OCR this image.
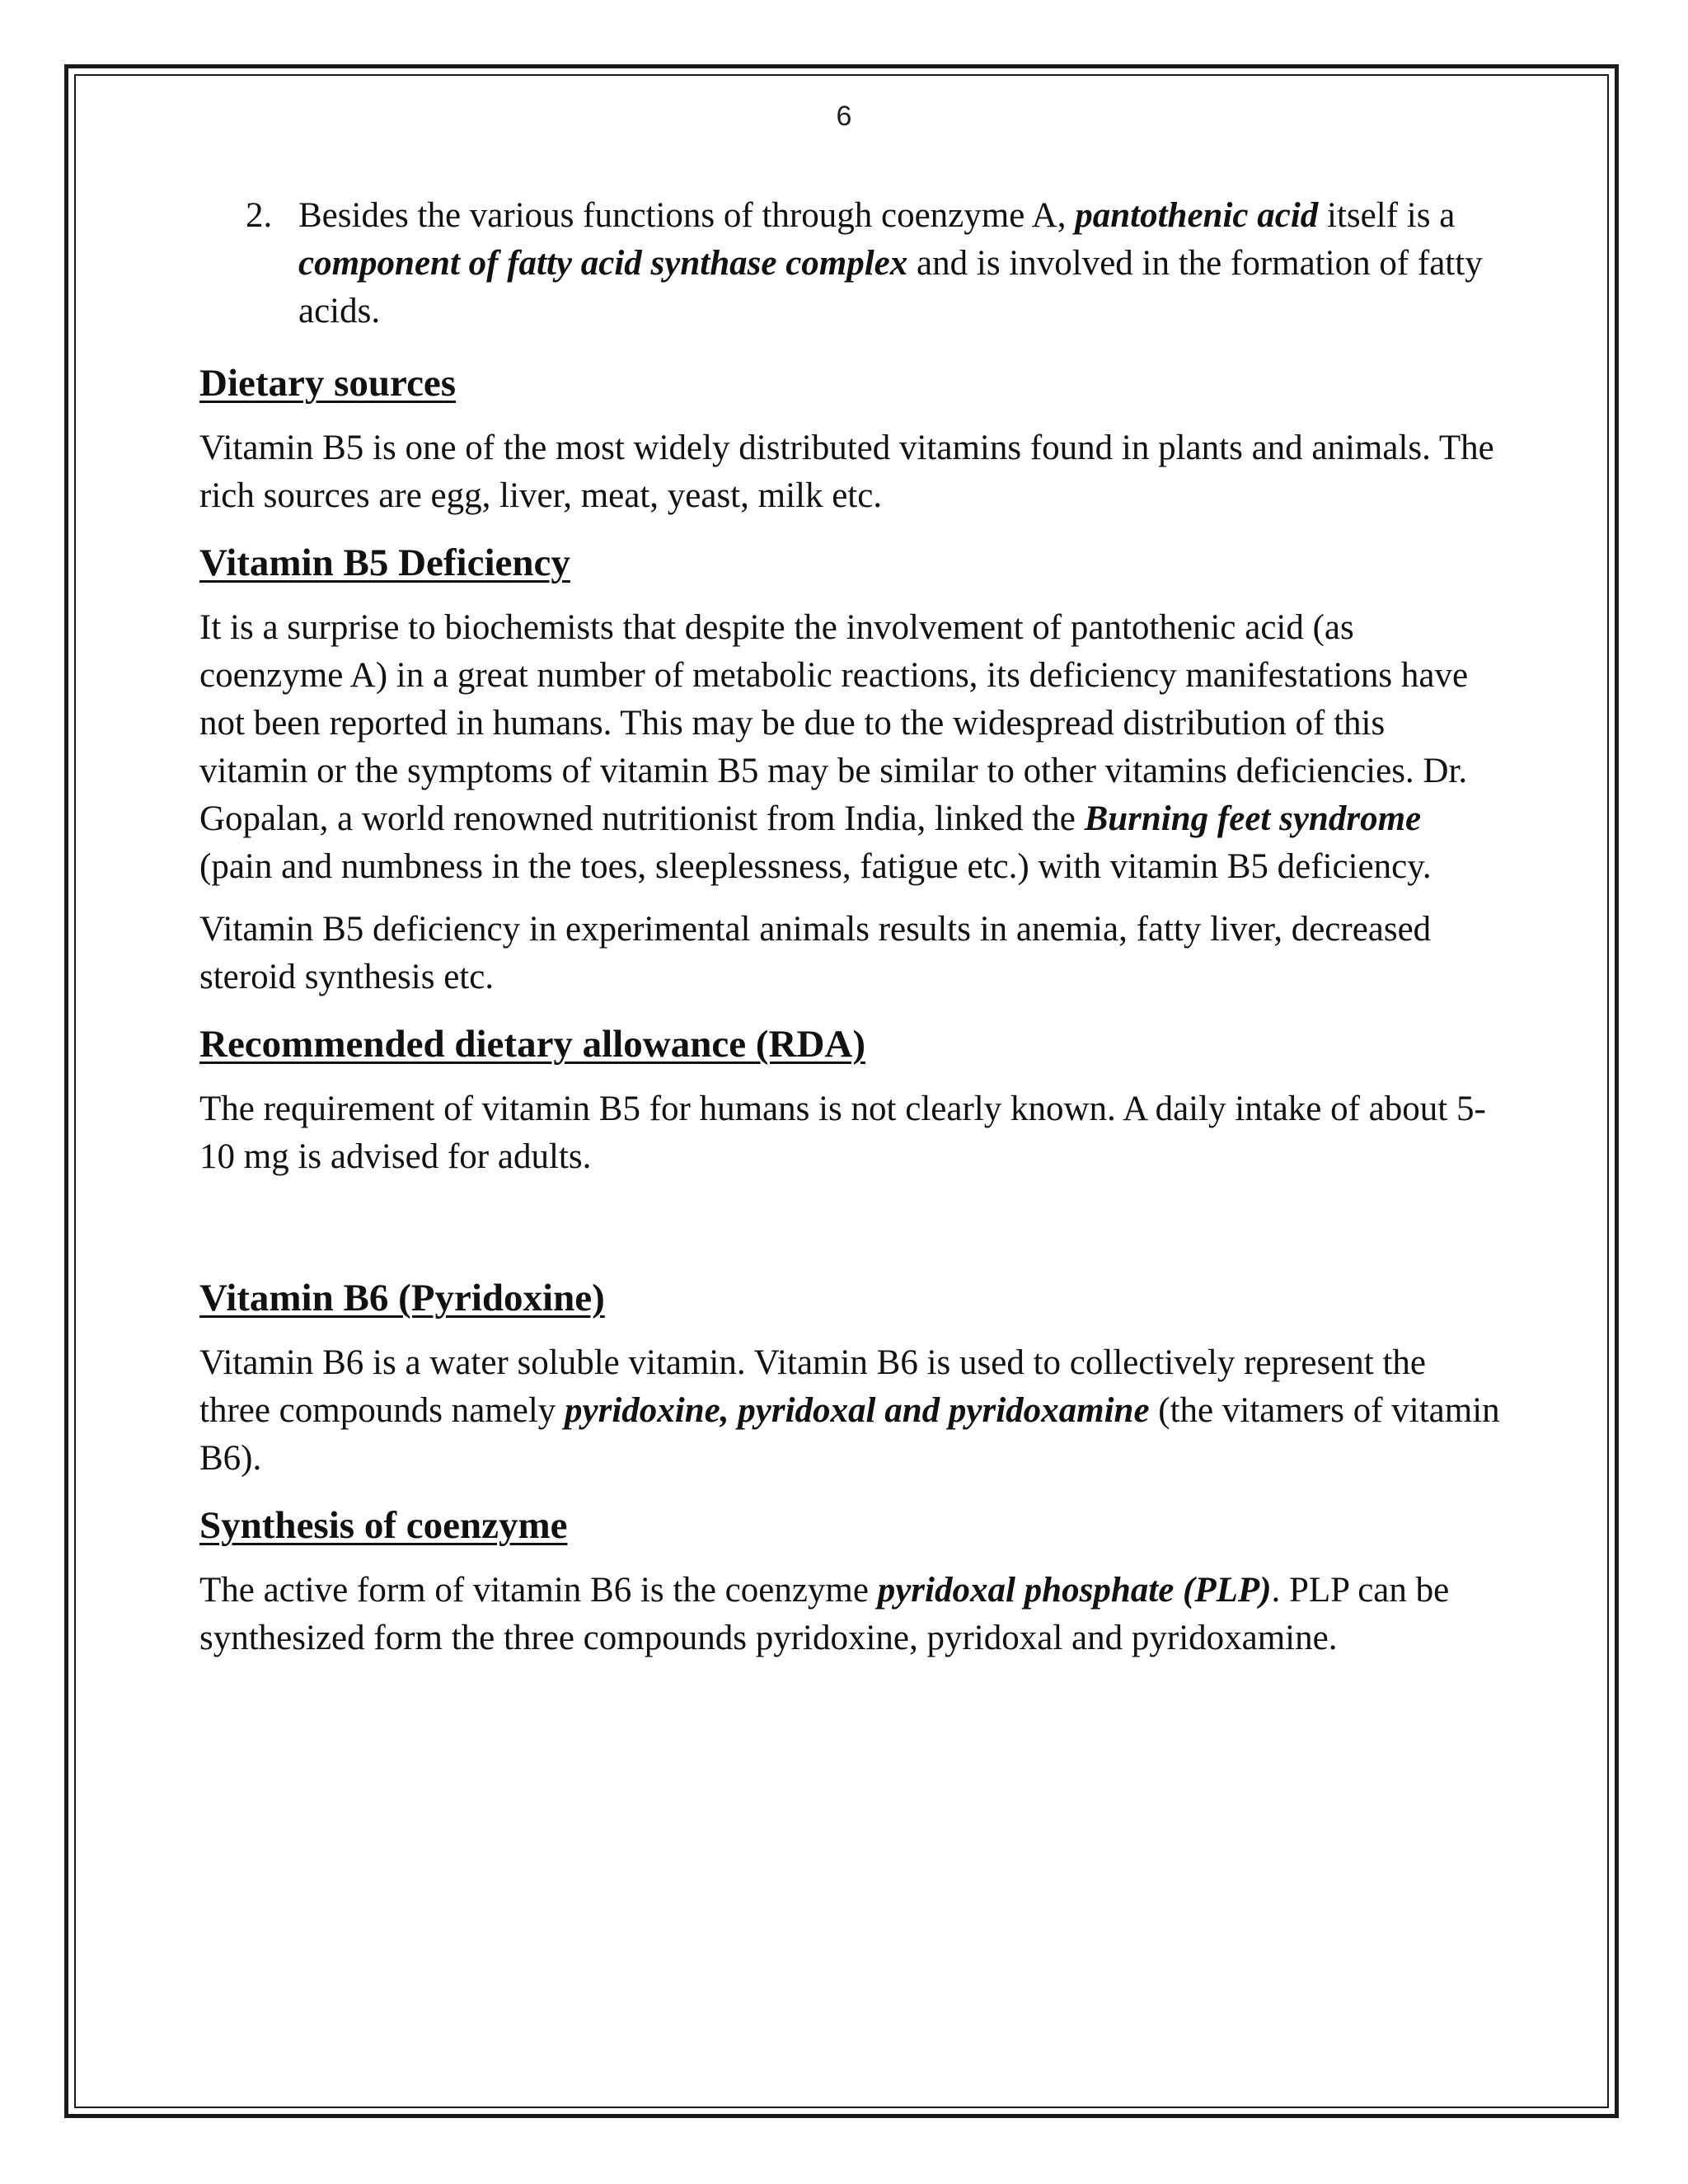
6
2. Besides the various functions of through coenzyme A, pantothenic acid itself is a component of fatty acid synthase complex and is involved in the formation of fatty acids.
Dietary sources

Vitamin B5 is one of the most widely distributed vitamins found in plants and animals. The rich sources are egg, liver, meat, yeast, milk etc.

Vitamin B5 Deficiency

It is a surprise to biochemists that despite the involvement of pantothenic acid (as coenzyme A) in a great number of metabolic reactions, its deficiency manifestations have not been reported in humans. This may be due to the widespread distribution of this vitamin or the symptoms of vitamin B5 may be similar to other vitamins deficiencies. Dr. Gopalan, a world renowned nutritionist from India, linked the Burning feet syndrome (pain and numbness in the toes, sleeplessness, fatigue etc.) with vitamin B5 deficiency.

Vitamin B5 deficiency in experimental animals results in anemia, fatty liver, decreased steroid synthesis etc.

Recommended dietary allowance (RDA)

The requirement of vitamin B5 for humans is not clearly known. A daily intake of about 5-10 mg is advised for adults.

Vitamin B6 (Pyridoxine)

Vitamin B6 is a water soluble vitamin. Vitamin B6 is used to collectively represent the three compounds namely pyridoxine, pyridoxal and pyridoxamine (the vitamers of vitamin B6).

Synthesis of coenzyme

The active form of vitamin B6 is the coenzyme pyridoxal phosphate (PLP). PLP can be synthesized form the three compounds pyridoxine, pyridoxal and pyridoxamine.
